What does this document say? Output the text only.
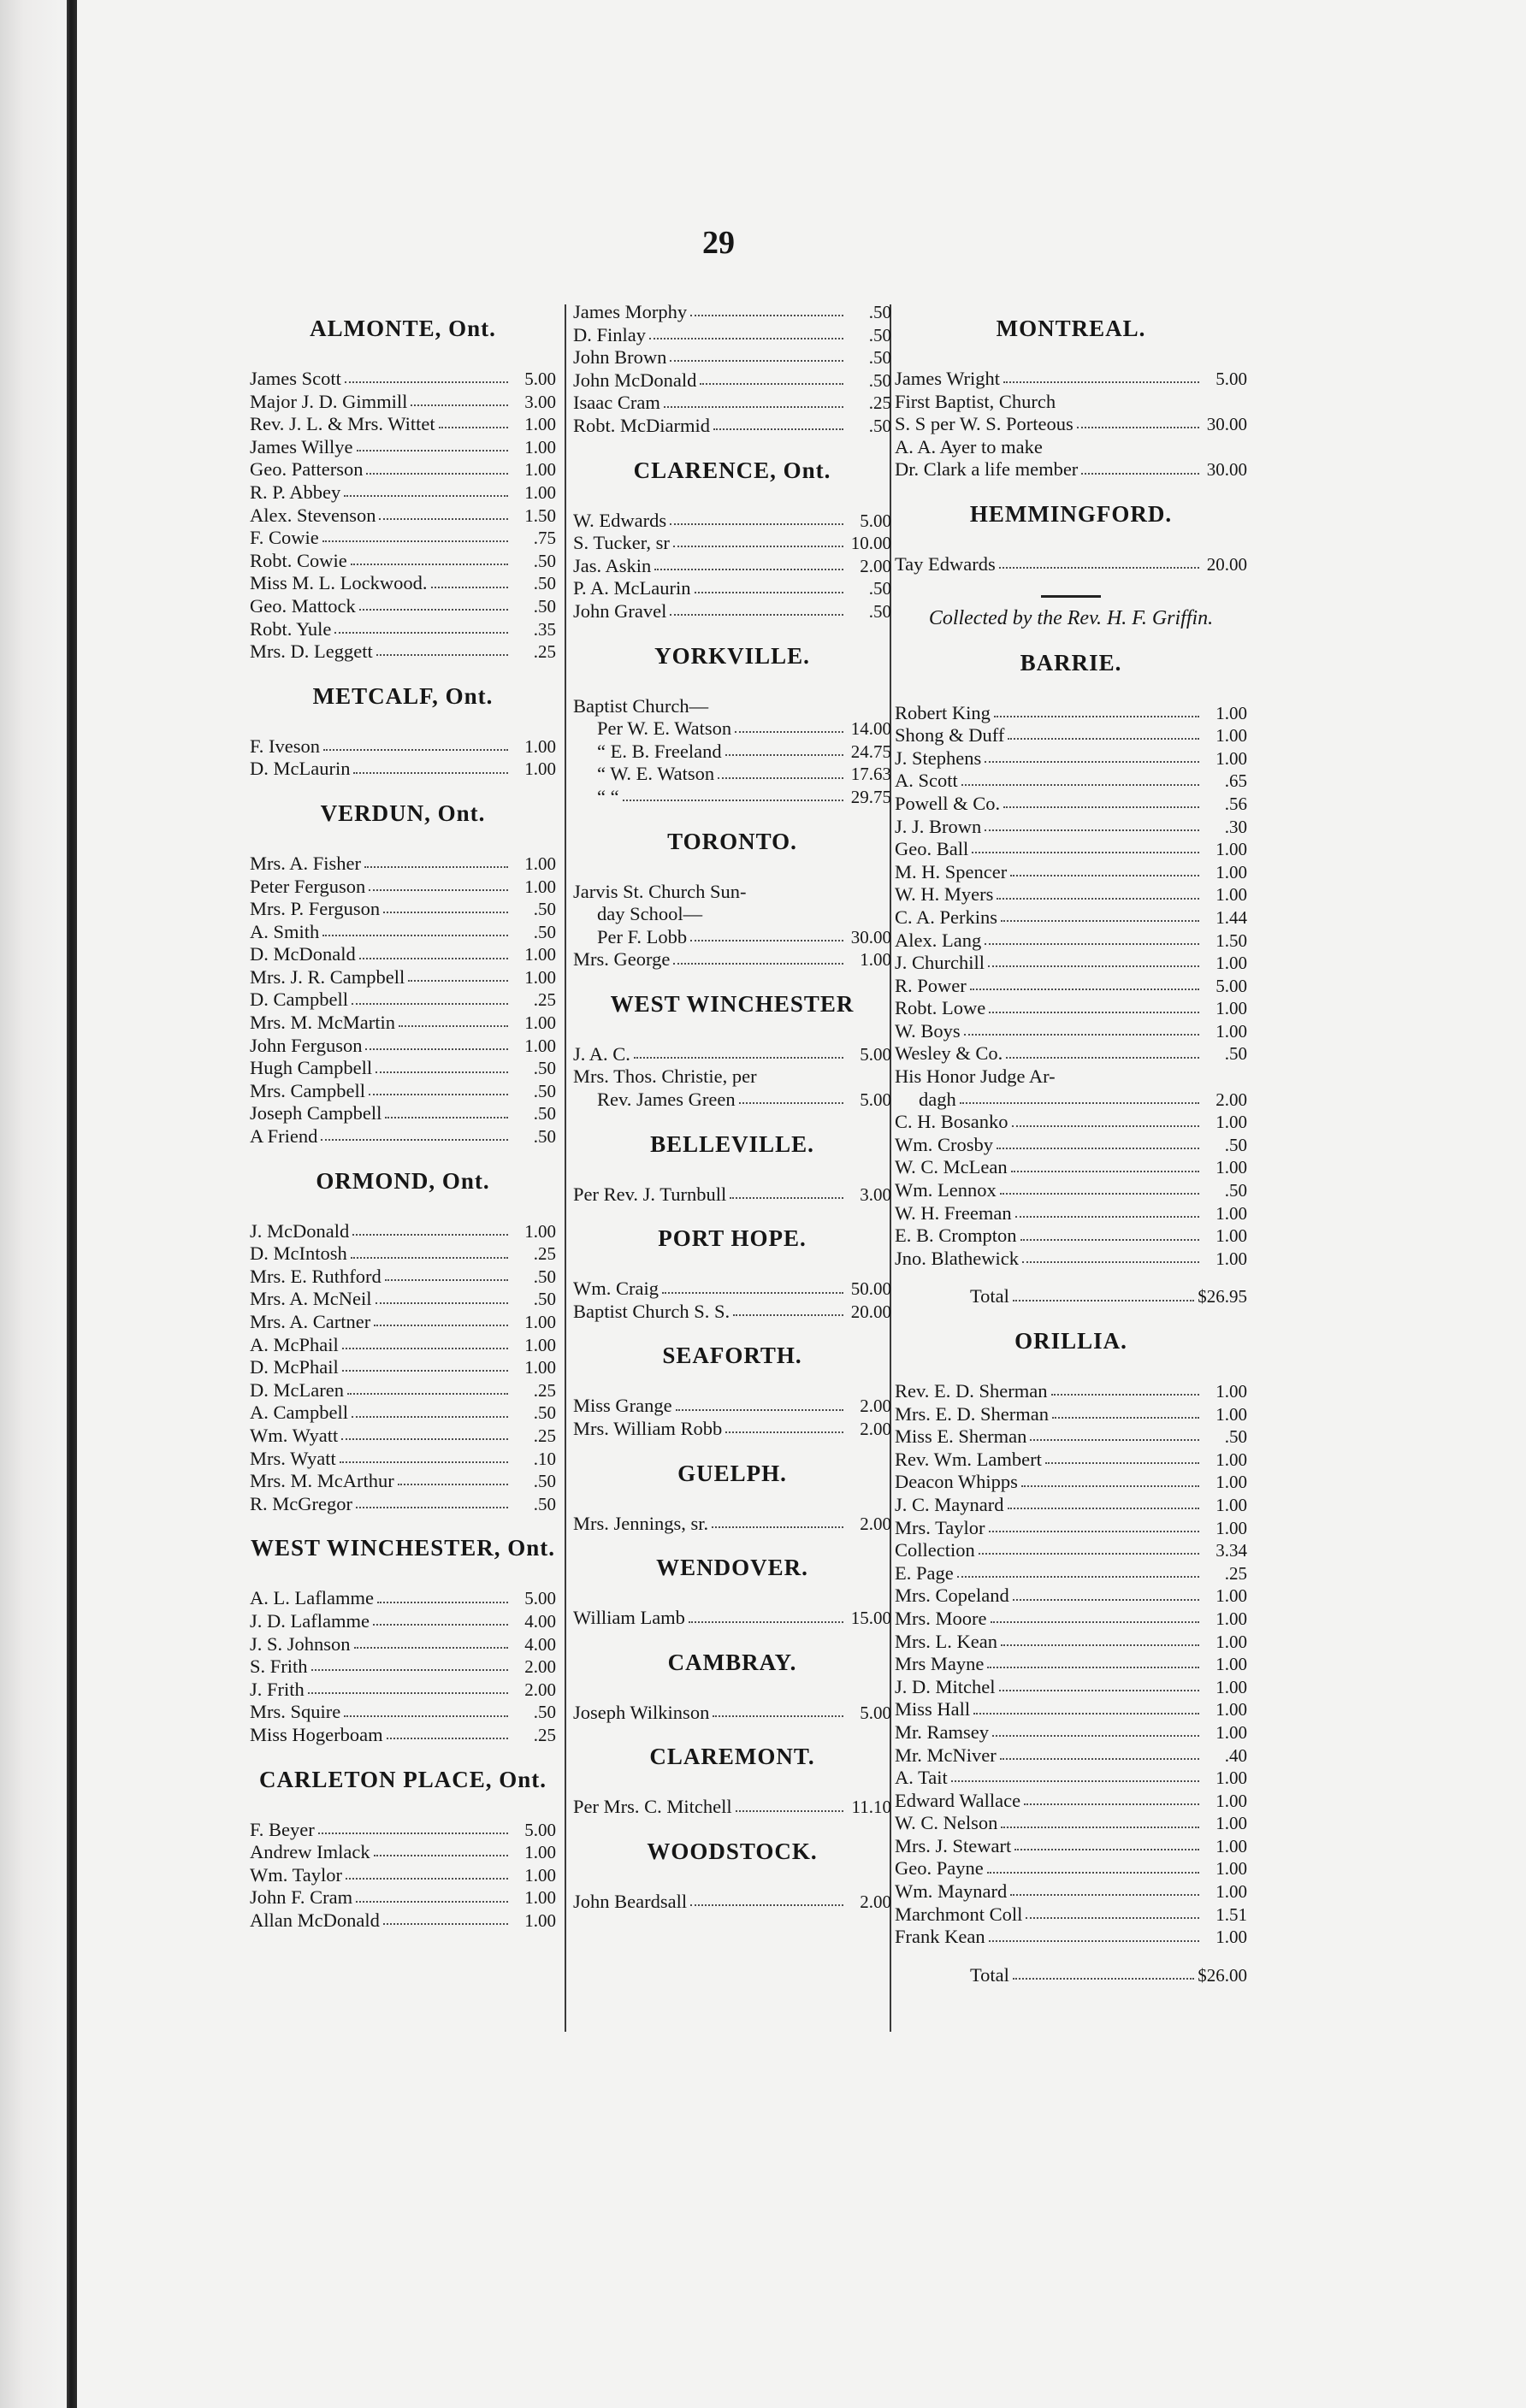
29
ALMONTE, Ont.
James Scott	5.00
Major J. D. Gimmill	3.00
Rev. J. L. & Mrs. Wittet	1.00
James Willye	1.00
Geo. Patterson	1.00
R. P. Abbey	1.00
Alex. Stevenson	1.50
F. Cowie	.75
Robt. Cowie	.50
Miss M. L. Lockwood.	.50
Geo. Mattock	.50
Robt. Yule	.35
Mrs. D. Leggett	.25
METCALF, Ont.
F. Iveson	1.00
D. McLaurin	1.00
VERDUN, Ont.
Mrs. A. Fisher	1.00
Peter Ferguson	1.00
Mrs. P. Ferguson	.50
A. Smith	.50
D. McDonald	1.00
Mrs. J. R. Campbell	1.00
D. Campbell	.25
Mrs. M. McMartin	1.00
John Ferguson	1.00
Hugh Campbell	.50
Mrs. Campbell	.50
Joseph Campbell	.50
A Friend	.50
ORMOND, Ont.
J. McDonald	1.00
D. McIntosh	.25
Mrs. E. Ruthford	.50
Mrs. A. McNeil	.50
Mrs. A. Cartner	1.00
A. McPhail	1.00
D. McPhail	1.00
D. McLaren	.25
A. Campbell	.50
Wm. Wyatt	.25
Mrs. Wyatt	.10
Mrs. M. McArthur	.50
R. McGregor	.50
WEST WINCHESTER, Ont.
A. L. Laflamme	5.00
J. D. Laflamme	4.00
J. S. Johnson	4.00
S. Frith	2.00
J. Frith	2.00
Mrs. Squire	.50
Miss Hogerboam	.25
CARLETON PLACE, Ont.
F. Beyer	5.00
Andrew Imlack	1.00
Wm. Taylor	1.00
John F. Cram	1.00
Allan McDonald	1.00
James Morphy	.50
D. Finlay	.50
John Brown	.50
John McDonald	.50
Isaac Cram	.25
Robt. McDiarmid	.50
CLARENCE, Ont.
W. Edwards	5.00
S. Tucker, sr	10.00
Jas. Askin	2.00
P. A. McLaurin	.50
John Gravel	.50
YORKVILLE.
Baptist Church—
Per W. E. Watson	14.00
“ E. B. Freeland	24.75
“ W. E. Watson	17.63
“ “	29.75
TORONTO.
Jarvis St. Church Sun-
day School—
Per F. Lobb	30.00
Mrs. George	1.00
WEST WINCHESTER
J. A. C.	5.00
Mrs. Thos. Christie, per
Rev. James Green	5.00
BELLEVILLE.
Per Rev. J. Turnbull	3.00
PORT HOPE.
Wm. Craig	50.00
Baptist Church S. S.	20.00
SEAFORTH.
Miss Grange	2.00
Mrs. William Robb	2.00
GUELPH.
Mrs. Jennings, sr.	2.00
WENDOVER.
William Lamb	15.00
CAMBRAY.
Joseph Wilkinson	5.00
CLAREMONT.
Per Mrs. C. Mitchell	11.10
WOODSTOCK.
John Beardsall	2.00
MONTREAL.
James Wright	5.00
First Baptist, Church
S. S per W. S. Porteous	30.00
A. A. Ayer to make
Dr. Clark a life member	30.00
HEMMINGFORD.
Tay Edwards	20.00
Collected by the Rev. H. F. Griffin.
BARRIE.
Robert King	1.00
Shong & Duff	1.00
J. Stephens	1.00
A. Scott	.65
Powell & Co.	.56
J. J. Brown	.30
Geo. Ball	1.00
M. H. Spencer	1.00
W. H. Myers	1.00
C. A. Perkins	1.44
Alex. Lang	1.50
J. Churchill	1.00
R. Power	5.00
Robt. Lowe	1.00
W. Boys	1.00
Wesley & Co.	.50
His Honor Judge Ar-
dagh	2.00
C. H. Bosanko	1.00
Wm. Crosby	.50
W. C. McLean	1.00
Wm. Lennox	.50
W. H. Freeman	1.00
E. B. Crompton	1.00
Jno. Blathewick	1.00
Total	$26.95
ORILLIA.
Rev. E. D. Sherman	1.00
Mrs. E. D. Sherman	1.00
Miss E. Sherman	.50
Rev. Wm. Lambert	1.00
Deacon Whipps	1.00
J. C. Maynard	1.00
Mrs. Taylor	1.00
Collection	3.34
E. Page	.25
Mrs. Copeland	1.00
Mrs. Moore	1.00
Mrs. L. Kean	1.00
Mrs Mayne	1.00
J. D. Mitchel	1.00
Miss Hall	1.00
Mr. Ramsey	1.00
Mr. McNiver	.40
A. Tait	1.00
Edward Wallace	1.00
W. C. Nelson	1.00
Mrs. J. Stewart	1.00
Geo. Payne	1.00
Wm. Maynard	1.00
Marchmont Coll	1.51
Frank Kean	1.00
Total	$26.00
